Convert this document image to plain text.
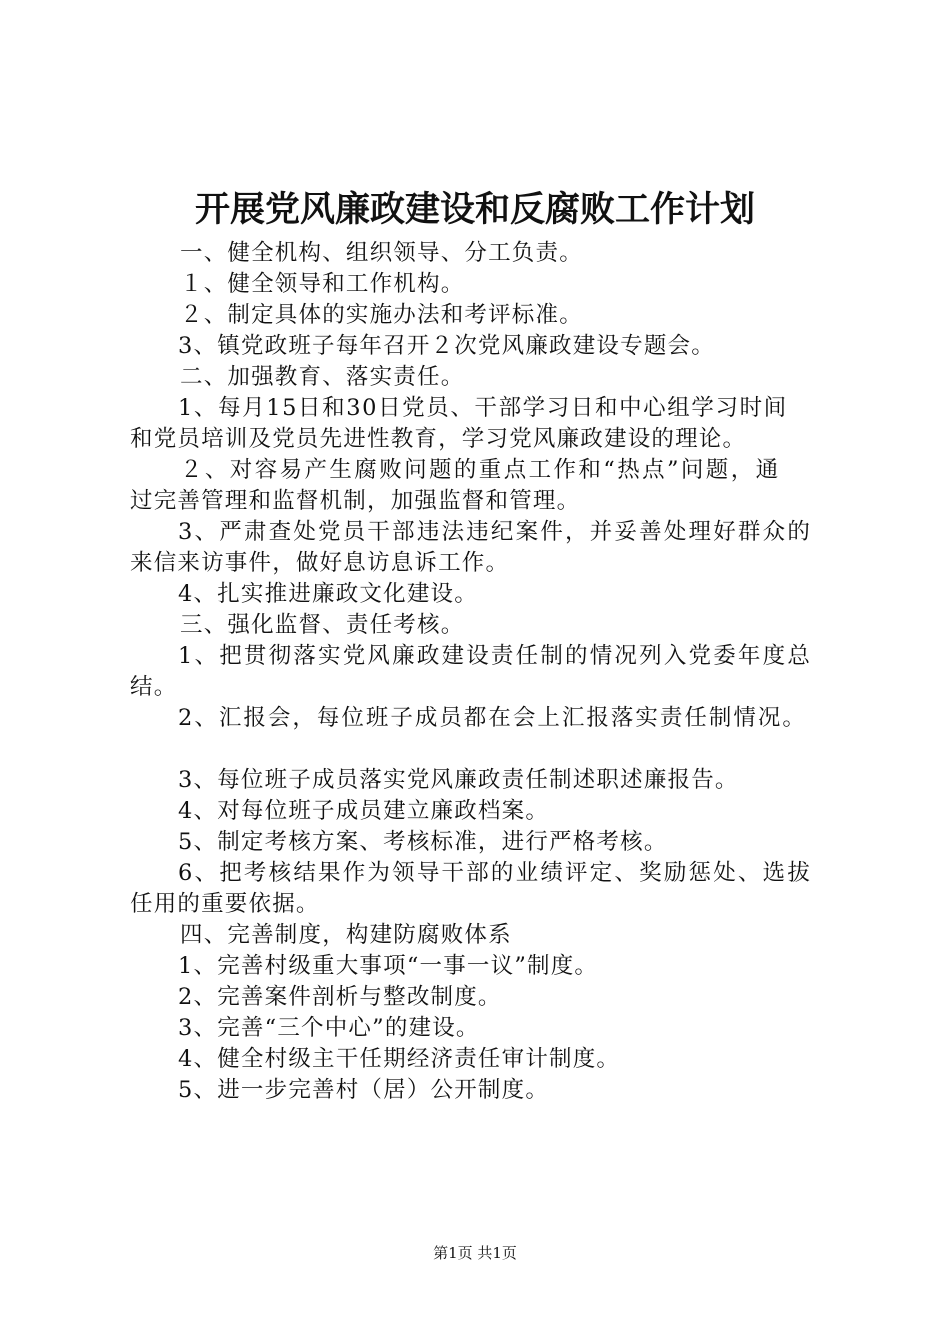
开展党风廉政建设和反腐败工作计划
一、健全机构、组织领导、分工负责。
１、健全领导和工作机构。
２、制定具体的实施办法和考评标准。
3、镇党政班子每年召开２次党风廉政建设专题会。
二、加强教育、落实责任。
1、每月15日和30日党员、干部学习日和中心组学习时间
和党员培训及党员先进性教育，学习党风廉政建设的理论。
２、对容易产生腐败问题的重点工作和“热点”问题，通
过完善管理和监督机制，加强监督和管理。
3、严肃查处党员干部违法违纪案件，并妥善处理好群众的
来信来访事件，做好息访息诉工作。
4、扎实推进廉政文化建设。
三、强化监督、责任考核。
1、把贯彻落实党风廉政建设责任制的情况列入党委年度总
结。
2、汇报会，每位班子成员都在会上汇报落实责任制情况。
3、每位班子成员落实党风廉政责任制述职述廉报告。
4、对每位班子成员建立廉政档案。
5、制定考核方案、考核标准，进行严格考核。
6、把考核结果作为领导干部的业绩评定、奖励惩处、选拔
任用的重要依据。
四、完善制度，构建防腐败体系
1、完善村级重大事项“一事一议”制度。
2、完善案件剖析与整改制度。
3、完善“三个中心”的建设。
4、健全村级主干任期经济责任审计制度。
5、进一步完善村（居）公开制度。
第1页 共1页
